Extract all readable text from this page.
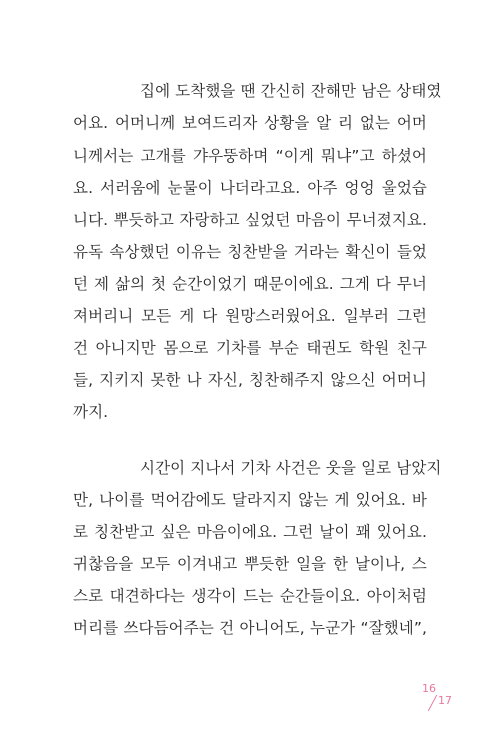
집에 도착했을 땐 간신히 잔해만 남은 상태였
어요. 어머니께 보여드리자 상황을 알 리 없는 어머
니께서는 고개를 갸우뚱하며 “이게 뭐냐”고 하셨어
요. 서러움에 눈물이 나더라고요. 아주 엉엉 울었습
니다. 뿌듯하고 자랑하고 싶었던 마음이 무너졌지요.
유독 속상했던 이유는 칭찬받을 거라는 확신이 들었
던 제 삶의 첫 순간이었기 때문이에요. 그게 다 무너
져버리니 모든 게 다 원망스러웠어요. 일부러 그런
건 아니지만 몸으로 기차를 부순 태권도 학원 친구
들, 지키지 못한 나 자신, 칭찬해주지 않으신 어머니
까지.
시간이 지나서 기차 사건은 웃을 일로 남았지
만, 나이를 먹어감에도 달라지지 않는 게 있어요. 바
로 칭찬받고 싶은 마음이에요. 그런 날이 꽤 있어요.
귀찮음을 모두 이겨내고 뿌듯한 일을 한 날이나, 스
스로 대견하다는 생각이 드는 순간들이요. 아이처럼
머리를 쓰다듬어주는 건 아니어도, 누군가 “잘했네”,
16
17
